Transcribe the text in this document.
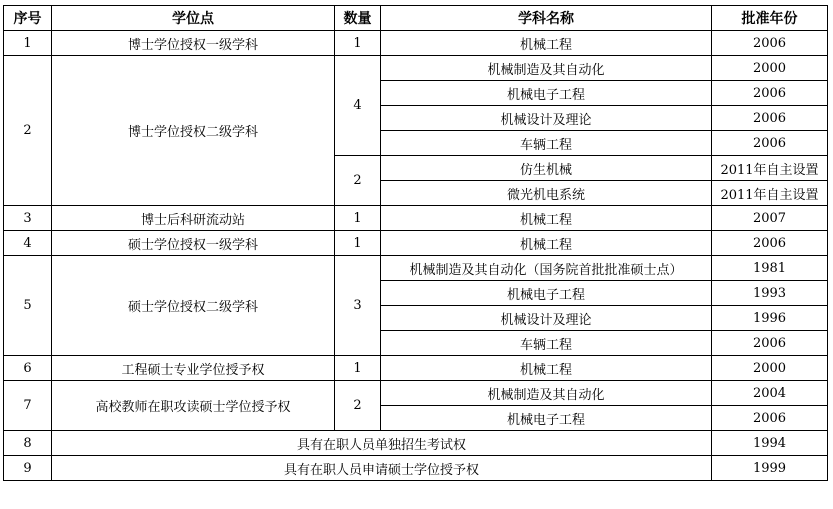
序号	学位点	数量	学科名称	批准年份
1	博士学位授权一级学科	1	机械工程	2006
2	博士学位授权二级学科	4	机械制造及其自动化	2000
			机械电子工程	2006
			机械设计及理论	2006
			车辆工程	2006
		2	仿生机械	2011年自主设置
			微光机电系统	2011年自主设置
3	博士后科研流动站	1	机械工程	2007
4	硕士学位授权一级学科	1	机械工程	2006
5	硕士学位授权二级学科	3	机械制造及其自动化（国务院首批批准硕士点）	1981
			机械电子工程	1993
			机械设计及理论	1996
			车辆工程	2006
6	工程硕士专业学位授予权	1	机械工程	2000
7	高校教师在职攻读硕士学位授予权	2	机械制造及其自动化	2004
			机械电子工程	2006
8	具有在职人员单独招生考试权			1994
9	具有在职人员申请硕士学位授予权			1999
